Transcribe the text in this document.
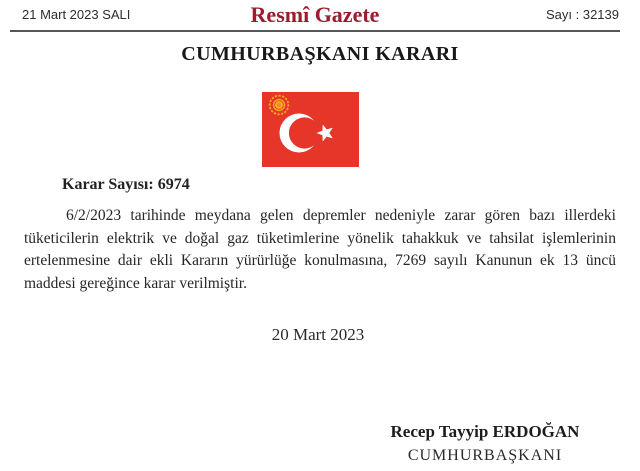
21 Mart 2023 SALI	Resmî Gazete	Sayı : 32139
CUMHURBAŞKANI KARARI
Karar Sayısı: 6974
6/2/2023 tarihinde meydana gelen depremler nedeniyle zarar gören bazı illerdeki
tüketicilerin elektrik ve doğal gaz tüketimlerine yönelik tahakkuk ve tahsilat işlemlerinin
ertelenmesine dair ekli Kararın yürürlüğe konulmasına, 7269 sayılı Kanunun ek 13 üncü
maddesi gereğince karar verilmiştir.
20 Mart 2023
Recep Tayyip ERDOĞAN
CUMHURBAŞKANI
